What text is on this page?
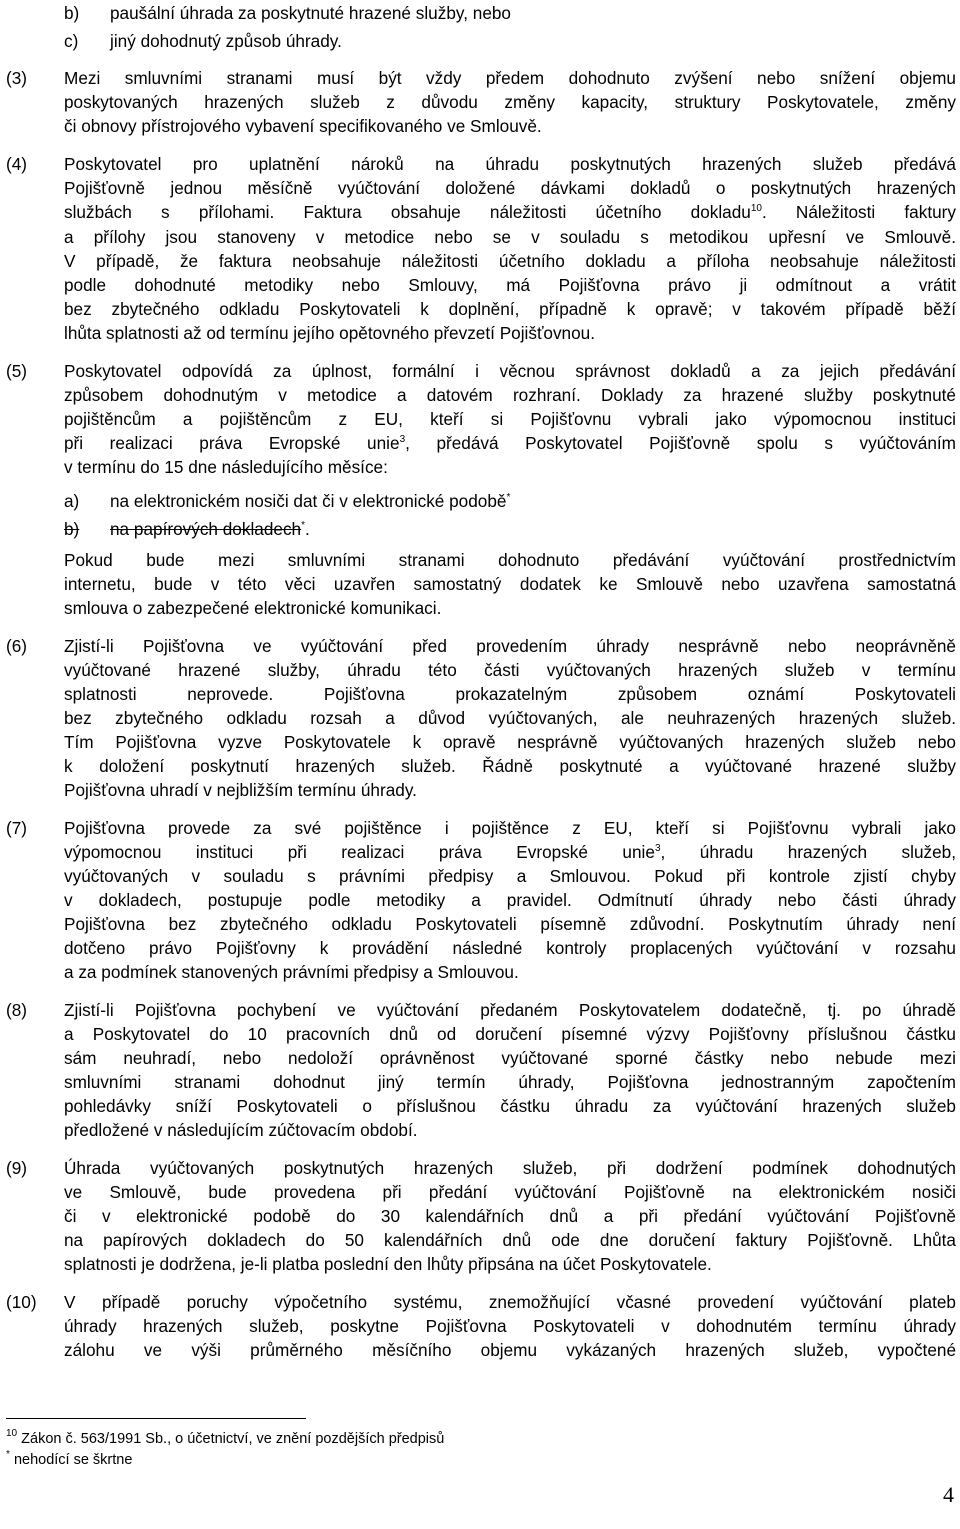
b) paušální úhrada za poskytnuté hrazené služby, nebo
c) jiný dohodnutý způsob úhrady.
(3) Mezi smluvními stranami musí být vždy předem dohodnuto zvýšení nebo snížení objemu
poskytovaných hrazených služeb z důvodu změny kapacity, struktury Poskytovatele, změny
či obnovy přístrojového vybavení specifikovaného ve Smlouvě.
(4) Poskytovatel pro uplatnění nároků na úhradu poskytnutých hrazených služeb předává
Pojišťovně jednou měsíčně vyúčtování doložené dávkami dokladů o poskytnutých hrazených
službách s přílohami. Faktura obsahuje náležitosti účetního dokladu$^{10}$. Náležitosti faktury
a přílohy jsou stanoveny v metodice nebo se v souladu s metodikou upřesní ve Smlouvě.
V případě, že faktura neobsahuje náležitosti účetního dokladu a příloha neobsahuje náležitosti
podle dohodnuté metodiky nebo Smlouvy, má Pojišťovna právo ji odmítnout a vrátit
bez zbytečného odkladu Poskytovateli k doplnění, případně k opravě; v takovém případě běží
lhůta splatnosti až od termínu jejího opětovného převzetí Pojišťovnou.
(5) Poskytovatel odpovídá za úplnost, formální i věcnou správnost dokladů a za jejich předávání
způsobem dohodnutým v metodice a datovém rozhraní. Doklady za hrazené služby poskytnuté
pojištěncům a pojištěncům z EU, kteří si Pojišťovnu vybrali jako výpomocnou instituci
při realizaci práva Evropské unie$^3$, předává Poskytovatel Pojišťovně spolu s vyúčtováním
v termínu do 15 dne následujícího měsíce:
a) na elektronickém nosiči dat či v elektronické podobě*
b) na papírových dokladech*.
Pokud bude mezi smluvními stranami dohodnuto předávání vyúčtování prostřednictvím
internetu, bude v této věci uzavřen samostatný dodatek ke Smlouvě nebo uzavřena samostatná
smlouva o zabezpečené elektronické komunikaci.
(6) Zjistí-li Pojišťovna ve vyúčtování před provedením úhrady nesprávně nebo neoprávněně
vyúčtované hrazené služby, úhradu této části vyúčtovaných hrazených služeb v termínu
splatnosti neprovede. Pojišťovna prokazatelným způsobem oznámí Poskytovateli
bez zbytečného odkladu rozsah a důvod vyúčtovaných, ale neuhrazených hrazených služeb.
Tím Pojišťovna vyzve Poskytovatele k opravě nesprávně vyúčtovaných hrazených služeb nebo
k doložení poskytnutí hrazených služeb. Řádně poskytnuté a vyúčtované hrazené služby
Pojišťovna uhradí v nejbližším termínu úhrady.
(7) Pojišťovna provede za své pojištěnce i pojištěnce z EU, kteří si Pojišťovnu vybrali jako
výpomocnou instituci při realizaci práva Evropské unie$^3$, úhradu hrazených služeb,
vyúčtovaných v souladu s právními předpisy a Smlouvou. Pokud při kontrole zjistí chyby
v dokladech, postupuje podle metodiky a pravidel. Odmítnutí úhrady nebo části úhrady
Pojišťovna bez zbytečného odkladu Poskytovateli písemně zdůvodní. Poskytnutím úhrady není
dotčeno právo Pojišťovny k provádění následné kontroly proplacených vyúčtování v rozsahu
a za podmínek stanovených právními předpisy a Smlouvou.
(8) Zjistí-li Pojišťovna pochybení ve vyúčtování předaném Poskytovatelem dodatečně, tj. po úhradě
a Poskytovatel do 10 pracovních dnů od doručení písemné výzvy Pojišťovny příslušnou částku
sám neuhradí, nebo nedoloží oprávněnost vyúčtované sporné částky nebo nebude mezi
smluvními stranami dohodnut jiný termín úhrady, Pojišťovna jednostranným započtením
pohledávky sníží Poskytovateli o příslušnou částku úhradu za vyúčtování hrazených služeb
předložené v následujícím zúčtovacím období.
(9) Úhrada vyúčtovaných poskytnutých hrazených služeb, při dodržení podmínek dohodnutých
ve Smlouvě, bude provedena při předání vyúčtování Pojišťovně na elektronickém nosiči
či v elektronické podobě do 30 kalendářních dnů a při předání vyúčtování Pojišťovně
na papírových dokladech do 50 kalendářních dnů ode dne doručení faktury Pojišťovně. Lhůta
splatnosti je dodržena, je-li platba poslední den lhůty připsána na účet Poskytovatele.
(10) V případě poruchy výpočetního systému, znemožňující včasné provedení vyúčtování plateb
úhrady hrazených služeb, poskytne Pojišťovna Poskytovateli v dohodnutém termínu úhrady
zálohu ve výši průměrného měsíčního objemu vykázaných hrazených služeb, vypočtené
$^{10}$ Zákon č. 563/1991 Sb., o účetnictví, ve znění pozdějších předpisů
* nehodící se škrtne
4
